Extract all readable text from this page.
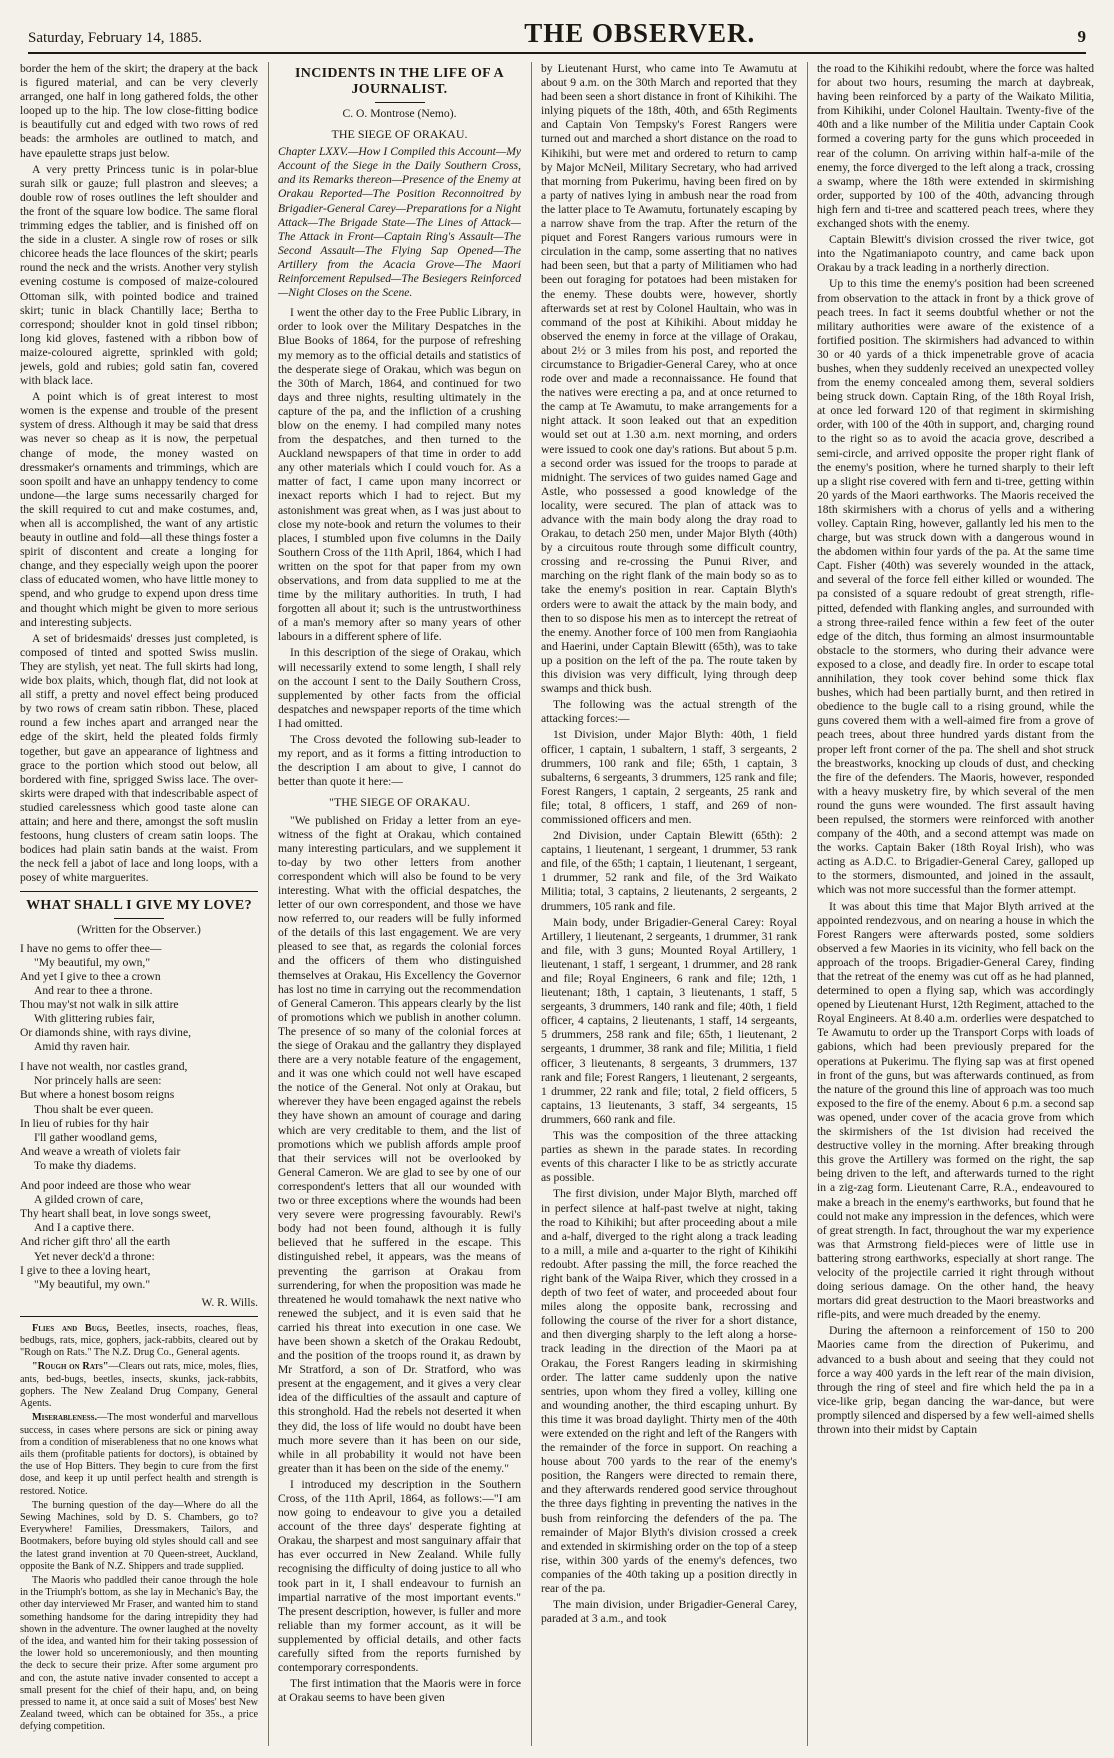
Saturday, February 14, 1885.	THE OBSERVER.	9

border the hem of the skirt; the drapery at the back is figured material, and can be very cleverly arranged, one half in long gathered folds, the other looped up to the hip. The low close-fitting bodice is beautifully cut and edged with two rows of red beads: the armholes are outlined to match, and have epaulette straps just below.

A very pretty Princess tunic is in polar-blue surah silk or gauze; full plastron and sleeves; a double row of roses outlines the left shoulder and the front of the square low bodice. The same floral trimming edges the tablier, and is finished off on the side in a cluster. A single row of roses or silk chicoree heads the lace flounces of the skirt; pearls round the neck and the wrists. Another very stylish evening costume is composed of maize-coloured Ottoman silk, with pointed bodice and trained skirt; tunic in black Chantilly lace; Bertha to correspond; shoulder knot in gold tinsel ribbon; long kid gloves, fastened with a ribbon bow of maize-coloured aigrette, sprinkled with gold; jewels, gold and rubies; gold satin fan, covered with black lace.

A point which is of great interest to most women is the expense and trouble of the present system of dress. Although it may be said that dress was never so cheap as it is now, the perpetual change of mode, the money wasted on dressmaker's ornaments and trimmings, which are soon spoilt and have an unhappy tendency to come undone—the large sums necessarily charged for the skill required to cut and make costumes, and, when all is accomplished, the want of any artistic beauty in outline and fold—all these things foster a spirit of discontent and create a longing for change, and they especially weigh upon the poorer class of educated women, who have little money to spend, and who grudge to expend upon dress time and thought which might be given to more serious and interesting subjects.

A set of bridesmaids' dresses just completed, is composed of tinted and spotted Swiss muslin. They are stylish, yet neat. The full skirts had long, wide box plaits, which, though flat, did not look at all stiff, a pretty and novel effect being produced by two rows of cream satin ribbon. These, placed round a few inches apart and arranged near the edge of the skirt, held the pleated folds firmly together, but gave an appearance of lightness and grace to the portion which stood out below, all bordered with fine, sprigged Swiss lace. The over-skirts were draped with that indescribable aspect of studied carelessness which good taste alone can attain; and here and there, amongst the soft muslin festoons, hung clusters of cream satin loops. The bodices had plain satin bands at the waist. From the neck fell a jabot of lace and long loops, with a posey of white marguerites.

WHAT SHALL I GIVE MY LOVE?
(Written for the Observer.)
I have no gems to offer thee—
"My beautiful, my own,"
And yet I give to thee a crown
And rear to thee a throne.
Thou may'st not walk in silk attire
With glittering rubies fair,
Or diamonds shine, with rays divine,
Amid thy raven hair.
I have not wealth, nor castles grand,
Nor princely halls are seen:
But where a honest bosom reigns
Thou shalt be ever queen.
In lieu of rubies for thy hair
I'll gather woodland gems,
And weave a wreath of violets fair
To make thy diadems.
And poor indeed are those who wear
A gilded crown of care,
Thy heart shall beat, in love songs sweet,
And I a captive there.
And richer gift thro' all the earth
Yet never deck'd a throne:
I give to thee a loving heart,
"My beautiful, my own."
W. R. Wills.

Flies and Bugs, Beetles, insects, roaches, fleas, bedbugs, rats, mice, gophers, jack-rabbits, cleared out by "Rough on Rats." The N.Z. Drug Co., General agents.

"Rough on Rats"—Clears out rats, mice, moles, flies, ants, bed-bugs, beetles, insects, skunks, jack-rabbits, gophers. The New Zealand Drug Company, General Agents.

Miserableness.—The most wonderful and marvellous success, in cases where persons are sick or pining away from a condition of miserableness that no one knows what ails them (profitable patients for doctors), is obtained by the use of Hop Bitters. They begin to cure from the first dose, and keep it up until perfect health and strength is restored. Notice.

The burning question of the day—Where do all the Sewing Machines, sold by D. S. Chambers, go to? Everywhere! Families, Dressmakers, Tailors, and Bootmakers, before buying old styles should call and see the latest grand invention at 70 Queen-street, Auckland, opposite the Bank of N.Z. Shippers and trade supplied.

The Maoris who paddled their canoe through the hole in the Triumph's bottom, as she lay in Mechanic's Bay, the other day interviewed Mr Fraser, and wanted him to stand something handsome for the daring intrepidity they had shown in the adventure. The owner laughed at the novelty of the idea, and wanted him for their taking possession of the lower hold so unceremoniously, and then mounting the deck to secure their prize. After some argument pro and con, the astute native invader consented to accept a small present for the chief of their hapu, and, on being pressed to name it, at once said a suit of Moses' best New Zealand tweed, which can be obtained for 35s., a price defying competition.

INCIDENTS IN THE LIFE OF A JOURNALIST.
C. O. Montrose (Nemo).
THE SIEGE OF ORAKAU.

Chapter LXXV.—How I Compiled this Account—My Account of the Siege in the Daily Southern Cross, and its Remarks thereon—Presence of the Enemy at Orakau Reported—The Position Reconnoitred by Brigadier-General Carey—Preparations for a Night Attack—The Brigade State—The Lines of Attack—The Attack in Front—Captain Ring's Assault—The Second Assault—The Flying Sap Opened—The Artillery from the Acacia Grove—The Maori Reinforcement Repulsed—The Besiegers Reinforced—Night Closes on the Scene.

I went the other day to the Free Public Library, in order to look over the Military Despatches in the Blue Books of 1864, for the purpose of refreshing my memory as to the official details and statistics of the desperate siege of Orakau, which was begun on the 30th of March, 1864, and continued for two days and three nights, resulting ultimately in the capture of the pa, and the infliction of a crushing blow on the enemy. I had compiled many notes from the despatches, and then turned to the Auckland newspapers of that time in order to add any other materials which I could vouch for. As a matter of fact, I came upon many incorrect or inexact reports which I had to reject. But my astonishment was great when, as I was just about to close my note-book and return the volumes to their places, I stumbled upon five columns in the Daily Southern Cross of the 11th April, 1864, which I had written on the spot for that paper from my own observations, and from data supplied to me at the time by the military authorities. In truth, I had forgotten all about it; such is the untrustworthiness of a man's memory after so many years of other labours in a different sphere of life.

In this description of the siege of Orakau, which will necessarily extend to some length, I shall rely on the account I sent to the Daily Southern Cross, supplemented by other facts from the official despatches and newspaper reports of the time which I had omitted.

The Cross devoted the following sub-leader to my report, and as it forms a fitting introduction to the description I am about to give, I cannot do better than quote it here:—

"THE SIEGE OF ORAKAU.

"We published on Friday a letter from an eye-witness of the fight at Orakau, which contained many interesting particulars, and we supplement it to-day by two other letters from another correspondent which will also be found to be very interesting. What with the official despatches, the letter of our own correspondent, and those we have now referred to, our readers will be fully informed of the details of this last engagement. We are very pleased to see that, as regards the colonial forces and the officers of them who distinguished themselves at Orakau, His Excellency the Governor has lost no time in carrying out the recommendation of General Cameron. This appears clearly by the list of promotions which we publish in another column. The presence of so many of the colonial forces at the siege of Orakau and the gallantry they displayed there are a very notable feature of the engagement, and it was one which could not well have escaped the notice of the General. Not only at Orakau, but wherever they have been engaged against the rebels they have shown an amount of courage and daring which are very creditable to them, and the list of promotions which we publish affords ample proof that their services will not be overlooked by General Cameron. We are glad to see by one of our correspondent's letters that all our wounded with two or three exceptions where the wounds had been very severe were progressing favourably. Rewi's body had not been found, although it is fully believed that he suffered in the escape. This distinguished rebel, it appears, was the means of preventing the garrison at Orakau from surrendering, for when the proposition was made he threatened he would tomahawk the next native who renewed the subject, and it is even said that he carried his threat into execution in one case. We have been shown a sketch of the Orakau Redoubt, and the position of the troops round it, as drawn by Mr Stratford, a son of Dr. Stratford, who was present at the engagement, and it gives a very clear idea of the difficulties of the assault and capture of this stronghold. Had the rebels not deserted it when they did, the loss of life would no doubt have been much more severe than it has been on our side, while in all probability it would not have been greater than it has been on the side of the enemy."

I introduced my description in the Southern Cross, of the 11th April, 1864, as follows:—"I am now going to endeavour to give you a detailed account of the three days' desperate fighting at Orakau, the sharpest and most sanguinary affair that has ever occurred in New Zealand. While fully recognising the difficulty of doing justice to all who took part in it, I shall endeavour to furnish an impartial narrative of the most important events." The present description, however, is fuller and more reliable than my former account, as it will be supplemented by official details, and other facts carefully sifted from the reports furnished by contemporary correspondents.

The first intimation that the Maoris were in force at Orakau seems to have been given

by Lieutenant Hurst, who came into Te Awamutu at about 9 a.m. on the 30th March and reported that they had been seen a short distance in front of Kihikihi. The inlying piquets of the 18th, 40th, and 65th Regiments and Captain Von Tempsky's Forest Rangers were turned out and marched a short distance on the road to Kihikihi, but were met and ordered to return to camp by Major McNeil, Military Secretary, who had arrived that morning from Pukerimu, having been fired on by a party of natives lying in ambush near the road from the latter place to Te Awamutu, fortunately escaping by a narrow shave from the trap. After the return of the piquet and Forest Rangers various rumours were in circulation in the camp, some asserting that no natives had been seen, but that a party of Militiamen who had been out foraging for potatoes had been mistaken for the enemy. These doubts were, however, shortly afterwards set at rest by Colonel Haultain, who was in command of the post at Kihikihi. About midday he observed the enemy in force at the village of Orakau, about 2½ or 3 miles from his post, and reported the circumstance to Brigadier-General Carey, who at once rode over and made a reconnaissance. He found that the natives were erecting a pa, and at once returned to the camp at Te Awamutu, to make arrangements for a night attack. It soon leaked out that an expedition would set out at 1.30 a.m. next morning, and orders were issued to cook one day's rations. But about 5 p.m. a second order was issued for the troops to parade at midnight. The services of two guides named Gage and Astle, who possessed a good knowledge of the locality, were secured. The plan of attack was to advance with the main body along the dray road to Orakau, to detach 250 men, under Major Blyth (40th) by a circuitous route through some difficult country, crossing and re-crossing the Punui River, and marching on the right flank of the main body so as to take the enemy's position in rear. Captain Blyth's orders were to await the attack by the main body, and then to so dispose his men as to intercept the retreat of the enemy. Another force of 100 men from Rangiaohia and Haerini, under Captain Blewitt (65th), was to take up a position on the left of the pa. The route taken by this division was very difficult, lying through deep swamps and thick bush.

The following was the actual strength of the attacking forces:—

1st Division, under Major Blyth: 40th, 1 field officer, 1 captain, 1 subaltern, 1 staff, 3 sergeants, 2 drummers, 100 rank and file; 65th, 1 captain, 3 subalterns, 6 sergeants, 3 drummers, 125 rank and file; Forest Rangers, 1 captain, 2 sergeants, 25 rank and file; total, 8 officers, 1 staff, and 269 of non-commissioned officers and men.

2nd Division, under Captain Blewitt (65th): 2 captains, 1 lieutenant, 1 sergeant, 1 drummer, 53 rank and file, of the 65th; 1 captain, 1 lieutenant, 1 sergeant, 1 drummer, 52 rank and file, of the 3rd Waikato Militia; total, 3 captains, 2 lieutenants, 2 sergeants, 2 drummers, 105 rank and file.

Main body, under Brigadier-General Carey: Royal Artillery, 1 lieutenant, 2 sergeants, 1 drummer, 31 rank and file, with 3 guns; Mounted Royal Artillery, 1 lieutenant, 1 staff, 1 sergeant, 1 drummer, and 28 rank and file; Royal Engineers, 6 rank and file; 12th, 1 lieutenant; 18th, 1 captain, 3 lieutenants, 1 staff, 5 sergeants, 3 drummers, 140 rank and file; 40th, 1 field officer, 4 captains, 2 lieutenants, 1 staff, 14 sergeants, 5 drummers, 258 rank and file; 65th, 1 lieutenant, 2 sergeants, 1 drummer, 38 rank and file; Militia, 1 field officer, 3 lieutenants, 8 sergeants, 3 drummers, 137 rank and file; Forest Rangers, 1 lieutenant, 2 sergeants, 1 drummer, 22 rank and file; total, 2 field officers, 5 captains, 13 lieutenants, 3 staff, 34 sergeants, 15 drummers, 660 rank and file.

This was the composition of the three attacking parties as shewn in the parade states. In recording events of this character I like to be as strictly accurate as possible.

The first division, under Major Blyth, marched off in perfect silence at half-past twelve at night, taking the road to Kihikihi; but after proceeding about a mile and a-half, diverged to the right along a track leading to a mill, a mile and a-quarter to the right of Kihikihi redoubt. After passing the mill, the force reached the right bank of the Waipa River, which they crossed in a depth of two feet of water, and proceeded about four miles along the opposite bank, recrossing and following the course of the river for a short distance, and then diverging sharply to the left along a horse-track leading in the direction of the Maori pa at Orakau, the Forest Rangers leading in skirmishing order. The latter came suddenly upon the native sentries, upon whom they fired a volley, killing one and wounding another, the third escaping unhurt. By this time it was broad daylight. Thirty men of the 40th were extended on the right and left of the Rangers with the remainder of the force in support. On reaching a house about 700 yards to the rear of the enemy's position, the Rangers were directed to remain there, and they afterwards rendered good service throughout the three days fighting in preventing the natives in the bush from reinforcing the defenders of the pa. The remainder of Major Blyth's division crossed a creek and extended in skirmishing order on the top of a steep rise, within 300 yards of the enemy's defences, two companies of the 40th taking up a position directly in rear of the pa.

The main division, under Brigadier-General Carey, paraded at 3 a.m., and took

the road to the Kihikihi redoubt, where the force was halted for about two hours, resuming the march at daybreak, having been reinforced by a party of the Waikato Militia, from Kihikihi, under Colonel Haultain. Twenty-five of the 40th and a like number of the Militia under Captain Cook formed a covering party for the guns which proceeded in rear of the column. On arriving within half-a-mile of the enemy, the force diverged to the left along a track, crossing a swamp, where the 18th were extended in skirmishing order, supported by 100 of the 40th, advancing through high fern and ti-tree and scattered peach trees, where they exchanged shots with the enemy.

Captain Blewitt's division crossed the river twice, got into the Ngatimaniapoto country, and came back upon Orakau by a track leading in a northerly direction.

Up to this time the enemy's position had been screened from observation to the attack in front by a thick grove of peach trees. In fact it seems doubtful whether or not the military authorities were aware of the existence of a fortified position. The skirmishers had advanced to within 30 or 40 yards of a thick impenetrable grove of acacia bushes, when they suddenly received an unexpected volley from the enemy concealed among them, several soldiers being struck down. Captain Ring, of the 18th Royal Irish, at once led forward 120 of that regiment in skirmishing order, with 100 of the 40th in support, and, charging round to the right so as to avoid the acacia grove, described a semi-circle, and arrived opposite the proper right flank of the enemy's position, where he turned sharply to their left up a slight rise covered with fern and ti-tree, getting within 20 yards of the Maori earthworks. The Maoris received the 18th skirmishers with a chorus of yells and a withering volley. Captain Ring, however, gallantly led his men to the charge, but was struck down with a dangerous wound in the abdomen within four yards of the pa. At the same time Capt. Fisher (40th) was severely wounded in the attack, and several of the force fell either killed or wounded. The pa consisted of a square redoubt of great strength, rifle-pitted, defended with flanking angles, and surrounded with a strong three-railed fence within a few feet of the outer edge of the ditch, thus forming an almost insurmountable obstacle to the stormers, who during their advance were exposed to a close, and deadly fire. In order to escape total annihilation, they took cover behind some thick flax bushes, which had been partially burnt, and then retired in obedience to the bugle call to a rising ground, while the guns covered them with a well-aimed fire from a grove of peach trees, about three hundred yards distant from the proper left front corner of the pa. The shell and shot struck the breastworks, knocking up clouds of dust, and checking the fire of the defenders. The Maoris, however, responded with a heavy musketry fire, by which several of the men round the guns were wounded. The first assault having been repulsed, the stormers were reinforced with another company of the 40th, and a second attempt was made on the works. Captain Baker (18th Royal Irish), who was acting as A.D.C. to Brigadier-General Carey, galloped up to the stormers, dismounted, and joined in the assault, which was not more successful than the former attempt.

It was about this time that Major Blyth arrived at the appointed rendezvous, and on nearing a house in which the Forest Rangers were afterwards posted, some soldiers observed a few Maories in its vicinity, who fell back on the approach of the troops. Brigadier-General Carey, finding that the retreat of the enemy was cut off as he had planned, determined to open a flying sap, which was accordingly opened by Lieutenant Hurst, 12th Regiment, attached to the Royal Engineers. At 8.40 a.m. orderlies were despatched to Te Awamutu to order up the Transport Corps with loads of gabions, which had been previously prepared for the operations at Pukerimu. The flying sap was at first opened in front of the guns, but was afterwards continued, as from the nature of the ground this line of approach was too much exposed to the fire of the enemy. About 6 p.m. a second sap was opened, under cover of the acacia grove from which the skirmishers of the 1st division had received the destructive volley in the morning. After breaking through this grove the Artillery was formed on the right, the sap being driven to the left, and afterwards turned to the right in a zig-zag form. Lieutenant Carre, R.A., endeavoured to make a breach in the enemy's earthworks, but found that he could not make any impression in the defences, which were of great strength. In fact, throughout the war my experience was that Armstrong field-pieces were of little use in battering strong earthworks, especially at short range. The velocity of the projectile carried it right through without doing serious damage. On the other hand, the heavy mortars did great destruction to the Maori breastworks and rifle-pits, and were much dreaded by the enemy.

During the afternoon a reinforcement of 150 to 200 Maories came from the direction of Pukerimu, and advanced to a bush about and seeing that they could not force a way 400 yards in the left rear of the main division, through the ring of steel and fire which held the pa in a vice-like grip, began dancing the war-dance, but were promptly silenced and dispersed by a few well-aimed shells thrown into their midst by Captain
